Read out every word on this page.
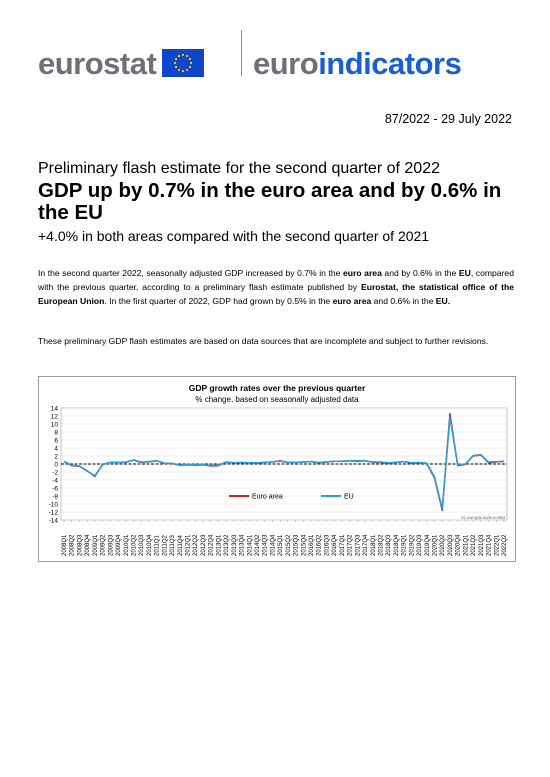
eurostat	euroindicators
87/2022 - 29 July 2022
Preliminary flash estimate for the second quarter of 2022
GDP up by 0.7% in the euro area and by 0.6% in the EU
+4.0% in both areas compared with the second quarter of 2021
In the second quarter 2022, seasonally adjusted GDP increased by 0.7% in the euro area and by 0.6% in the EU, compared with the previous quarter, according to a preliminary flash estimate published by Eurostat, the statistical office of the European Union. In the first quarter of 2022, GDP had grown by 0.5% in the euro area and 0.6% in the EU.
These preliminary GDP flash estimates are based on data sources that are incomplete and subject to further revisions.
GDP growth rates over the previous quarter
% change, based on seasonally adjusted data
14
12
10
8
6
4
2
0
-2
-4
-6
-8
-10
-12
-14
2008Q1 2008Q2 2008Q3 2008Q4 2009Q1 2009Q2 2009Q3 2009Q4 2010Q1 2010Q2 2010Q3 2010Q4 2011Q1 2011Q2 2011Q3 2011Q4 2012Q1 2012Q2 2012Q3 2012Q4 2013Q1 2013Q2 2013Q3 2013Q4 2014Q1 2014Q2 2014Q3 2014Q4 2015Q1 2015Q2 2015Q3 2015Q4 2016Q1 2016Q2 2016Q3 2016Q4 2017Q1 2017Q2 2017Q3 2017Q4 2018Q1 2018Q2 2018Q3 2018Q4 2019Q1 2019Q2 2019Q3 2019Q4 2020Q1 2020Q2 2020Q3 2020Q4 2021Q1 2021Q2 2021Q3 2021Q4 2022Q1 2022Q2
Euro area	EU
ec.europa.eu/eurostat
